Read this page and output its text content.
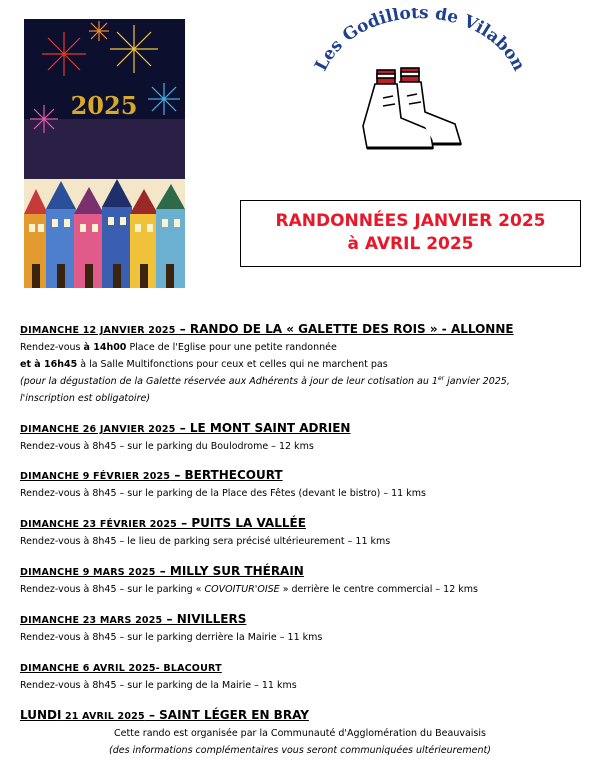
2025
Les Godillots de Vilabon
RANDONNÉES JANVIER 2025
à AVRIL 2025
DIMANCHE 12 JANVIER 2025 – RANDO DE LA « GALETTE DES ROIS » - ALLONNE
Rendez-vous à 14h00 Place de l'Eglise pour une petite randonnée
et à 16h45 à la Salle Multifonctions pour ceux et celles qui ne marchent pas
(pour la dégustation de la Galette réservée aux Adhérents à jour de leur cotisation au 1er janvier 2025,
l'inscription est obligatoire)
DIMANCHE 26 JANVIER 2025 – LE MONT SAINT ADRIEN
Rendez-vous à 8h45 – sur le parking du Boulodrome – 12 kms
DIMANCHE 9 FÉVRIER 2025 – BERTHECOURT
Rendez-vous à 8h45 – sur le parking de la Place des Fêtes (devant le bistro) – 11 kms
DIMANCHE 23 FÉVRIER 2025 – PUITS LA VALLÉE
Rendez-vous à 8h45 – le lieu de parking sera précisé ultérieurement – 11 kms
DIMANCHE 9 MARS 2025 – MILLY SUR THÉRAIN
Rendez-vous à 8h45 – sur le parking « COVOITUR'OISE » derrière le centre commercial – 12 kms
DIMANCHE 23 MARS 2025 – NIVILLERS
Rendez-vous à 8h45 – sur le parking derrière la Mairie – 11 kms
DIMANCHE 6 AVRIL 2025- BLACOURT
Rendez-vous à 8h45 – sur le parking de la Mairie – 11 kms
LUNDI 21 AVRIL 2025 – SAINT LÉGER EN BRAY
Cette rando est organisée par la Communauté d'Agglomération du Beauvaisis
(des informations complémentaires vous seront communiquées ultérieurement)
